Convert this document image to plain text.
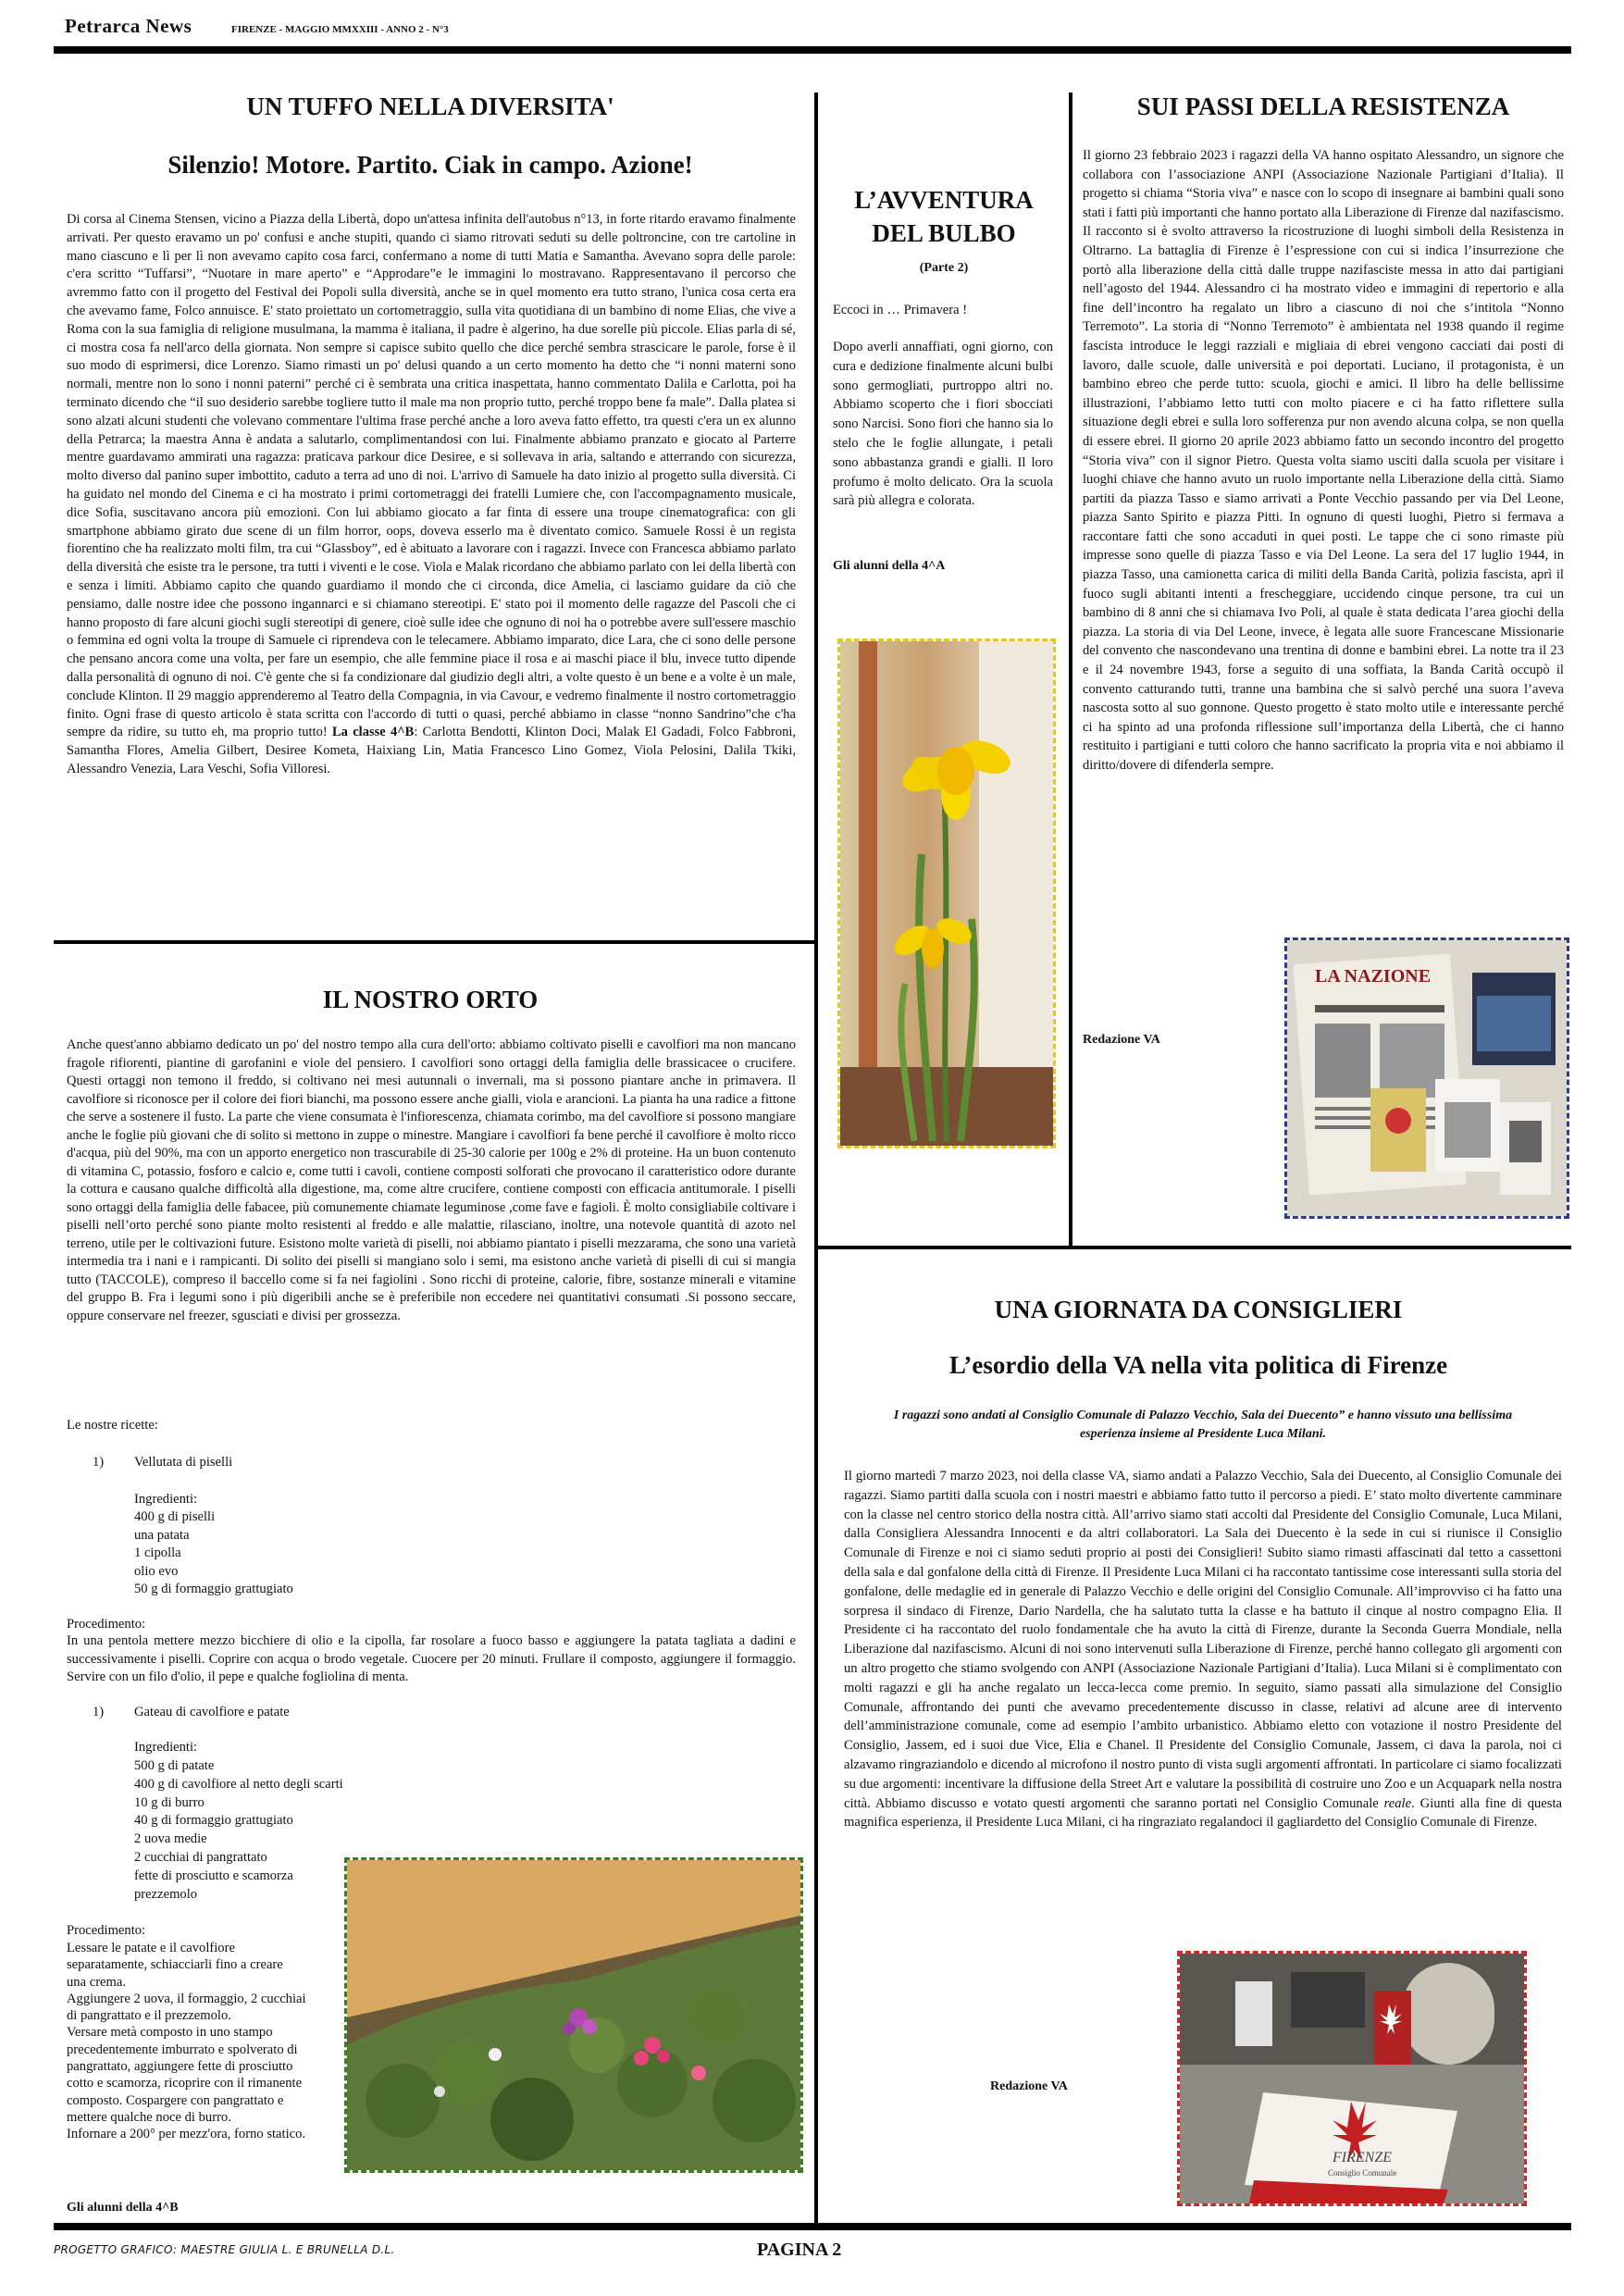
Petrarca News	FIRENZE - MAGGIO MMXXIII - ANNO 2 - N°3
UN TUFFO NELLA DIVERSITA'
Silenzio! Motore. Partito. Ciak in campo. Azione!
Di corsa al Cinema Stensen, vicino a Piazza della Libertà, dopo un'attesa infinita dell'autobus n°13, in forte ritardo eravamo finalmente arrivati. Per questo eravamo un po' confusi e anche stupiti, quando ci siamo ritrovati seduti su delle poltroncine, con tre cartoline in mano ciascuno e lì per lì non avevamo capito cosa farci, confermano a nome di tutti Matia e Samantha. Avevano sopra delle parole: c'era scritto “Tuffarsi”, “Nuotare in mare aperto” e “Approdare”e le immagini lo mostravano. Rappresentavano il percorso che avremmo fatto con il progetto del Festival dei Popoli sulla diversità, anche se in quel momento era tutto strano, l'unica cosa certa era che avevamo fame, Folco annuisce. E' stato proiettato un cortometraggio, sulla vita quotidiana di un bambino di nome Elias, che vive a Roma con la sua famiglia di religione musulmana, la mamma è italiana, il padre è algerino, ha due sorelle più piccole. Elias parla di sé, ci mostra cosa fa nell'arco della giornata. Non sempre si capisce subito quello che dice perché sembra strascicare le parole, forse è il suo modo di esprimersi, dice Lorenzo. Siamo rimasti un po' delusi quando a un certo momento ha detto che “i nonni materni sono normali, mentre non lo sono i nonni paterni” perché ci è sembrata una critica inaspettata, hanno commentato Dalila e Carlotta, poi ha terminato dicendo che “il suo desiderio sarebbe togliere tutto il male ma non proprio tutto, perché troppo bene fa male”. Dalla platea si sono alzati alcuni studenti che volevano commentare l'ultima frase perché anche a loro aveva fatto effetto, tra questi c'era un ex alunno della Petrarca; la maestra Anna è andata a salutarlo, complimentandosi con lui. Finalmente abbiamo pranzato e giocato al Parterre mentre guardavamo ammirati una ragazza: praticava parkour dice Desiree, e si sollevava in aria, saltando e atterrando con sicurezza, molto diverso dal panino super imbottito, caduto a terra ad uno di noi. L'arrivo di Samuele ha dato inizio al progetto sulla diversità. Ci ha guidato nel mondo del Cinema e ci ha mostrato i primi cortometraggi dei fratelli Lumiere che, con l'accompagnamento musicale, dice Sofia, suscitavano ancora più emozioni. Con lui abbiamo giocato a far finta di essere una troupe cinematografica: con gli smartphone abbiamo girato due scene di un film horror, oops, doveva esserlo ma è diventato comico. Samuele Rossi è un regista fiorentino che ha realizzato molti film, tra cui “Glassboy”, ed è abituato a lavorare con i ragazzi. Invece con Francesca abbiamo parlato della diversità che esiste tra le persone, tra tutti i viventi e le cose. Viola e Malak ricordano che abbiamo parlato con lei della libertà con e senza i limiti. Abbiamo capito che quando guardiamo il mondo che ci circonda, dice Amelia, ci lasciamo guidare da ciò che pensiamo, dalle nostre idee che possono ingannarci e si chiamano stereotipi. E' stato poi il momento delle ragazze del Pascoli che ci hanno proposto di fare alcuni giochi sugli stereotipi di genere, cioè sulle idee che ognuno di noi ha o potrebbe avere sull'essere maschio o femmina ed ogni volta la troupe di Samuele ci riprendeva con le telecamere. Abbiamo imparato, dice Lara, che ci sono delle persone che pensano ancora come una volta, per fare un esempio, che alle femmine piace il rosa e ai maschi piace il blu, invece tutto dipende dalla personalità di ognuno di noi. C'è gente che si fa condizionare dal giudizio degli altri, a volte questo è un bene e a volte è un male, conclude Klinton. Il 29 maggio apprenderemo al Teatro della Compagnia, in via Cavour, e vedremo finalmente il nostro cortometraggio finito. Ogni frase di questo articolo è stata scritta con l'accordo di tutti o quasi, perché abbiamo in classe “nonno Sandrino”che c'ha sempre da ridire, su tutto eh, ma proprio tutto! La classe 4^B: Carlotta Bendotti, Klinton Doci, Malak El Gadadi, Folco Fabbroni, Samantha Flores, Amelia Gilbert, Desiree Kometa, Haixiang Lin, Matia Francesco Lino Gomez, Viola Pelosini, Dalila Tkiki, Alessandro Venezia, Lara Veschi, Sofia Villoresi.
L’AVVENTURA DEL BULBO
(Parte 2)
Eccoci in … Primavera !
Dopo averli annaffiati, ogni giorno, con cura e dedizione finalmente alcuni bulbi sono germogliati, purtroppo altri no. Abbiamo scoperto che i fiori sbocciati sono Narcisi. Sono fiori che hanno sia lo stelo che le foglie allungate, i petali sono abbastanza grandi e gialli. Il loro profumo è molto delicato. Ora la scuola sarà più allegra e colorata.
Gli alunni della 4^A
SUI PASSI DELLA RESISTENZA
Il giorno 23 febbraio 2023 i ragazzi della VA hanno ospitato Alessandro, un signore che collabora con l’associazione ANPI (Associazione Nazionale Partigiani d’Italia). Il progetto si chiama “Storia viva” e nasce con lo scopo di insegnare ai bambini quali sono stati i fatti più importanti che hanno portato alla Liberazione di Firenze dal nazifascismo. Il racconto si è svolto attraverso la ricostruzione di luoghi simboli della Resistenza in Oltrarno. La battaglia di Firenze è l’espressione con cui si indica l’insurrezione che portò alla liberazione della città dalle truppe nazifasciste messa in atto dai partigiani nell’agosto del 1944. Alessandro ci ha mostrato video e immagini di repertorio e alla fine dell’incontro ha regalato un libro a ciascuno di noi che s’intitola “Nonno Terremoto”. La storia di “Nonno Terremoto” è ambientata nel 1938 quando il regime fascista introduce le leggi razziali e migliaia di ebrei vengono cacciati dai posti di lavoro, dalle scuole, dalle università e poi deportati. Luciano, il protagonista, è un bambino ebreo che perde tutto: scuola, giochi e amici. Il libro ha delle bellissime illustrazioni, l’abbiamo letto tutti con molto piacere e ci ha fatto riflettere sulla situazione degli ebrei e sulla loro sofferenza pur non avendo alcuna colpa, se non quella di essere ebrei. Il giorno 20 aprile 2023 abbiamo fatto un secondo incontro del progetto “Storia viva” con il signor Pietro. Questa volta siamo usciti dalla scuola per visitare i luoghi chiave che hanno avuto un ruolo importante nella Liberazione della città. Siamo partiti da piazza Tasso e siamo arrivati a Ponte Vecchio passando per via Del Leone, piazza Santo Spirito e piazza Pitti. In ognuno di questi luoghi, Pietro si fermava a raccontare fatti che sono accaduti in quei posti. Le tappe che ci sono rimaste più impresse sono quelle di piazza Tasso e via Del Leone. La sera del 17 luglio 1944, in piazza Tasso, una camionetta carica di militi della Banda Carità, polizia fascista, aprì il fuoco sugli abitanti intenti a frescheggiare, uccidendo cinque persone, tra cui un bambino di 8 anni che si chiamava Ivo Poli, al quale è stata dedicata l’area giochi della piazza. La storia di via Del Leone, invece, è legata alle suore Francescane Missionarie del convento che nascondevano una trentina di donne e bambini ebrei. La notte tra il 23 e il 24 novembre 1943, forse a seguito di una soffiata, la Banda Carità occupò il convento catturando tutti, tranne una bambina che si salvò perché una suora l’aveva nascosta sotto al suo gonnone. Questo progetto è stato molto utile e interessante perché ci ha spinto ad una profonda riflessione sull’importanza della Libertà, che ci hanno restituito i partigiani e tutti coloro che hanno sacrificato la propria vita e noi abbiamo il diritto/dovere di difenderla sempre.
Redazione VA
LA NAZIONE
IL NOSTRO ORTO
Anche quest'anno abbiamo dedicato un po' del nostro tempo alla cura dell'orto: abbiamo coltivato piselli e cavolfiori ma non mancano fragole rifiorenti, piantine di garofanini e viole del pensiero. I cavolfiori sono ortaggi della famiglia delle brassicacee o crucifere. Questi ortaggi non temono il freddo, si coltivano nei mesi autunnali o invernali, ma si possono piantare anche in primavera. Il cavolfiore si riconosce per il colore dei fiori bianchi, ma possono essere anche gialli, viola e arancioni. La pianta ha una radice a fittone che serve a sostenere il fusto. La parte che viene consumata è l'infiorescenza, chiamata corimbo, ma del cavolfiore si possono mangiare anche le foglie più giovani che di solito si mettono in zuppe o minestre. Mangiare i cavolfiori fa bene perché il cavolfiore è molto ricco d'acqua, più del 90%, ma con un apporto energetico non trascurabile di 25-30 calorie per 100g e 2% di proteine. Ha un buon contenuto di vitamina C, potassio, fosforo e calcio e, come tutti i cavoli, contiene composti solforati che provocano il caratteristico odore durante la cottura e causano qualche difficoltà alla digestione, ma, come altre crucifere, contiene composti con efficacia antitumorale. I piselli sono ortaggi della famiglia delle fabacee, più comunemente chiamate leguminose ,come fave e fagioli. È molto consigliabile coltivare i piselli nell’orto perché sono piante molto resistenti al freddo e alle malattie, rilasciano, inoltre, una notevole quantità di azoto nel terreno, utile per le coltivazioni future. Esistono molte varietà di piselli, noi abbiamo piantato i piselli mezzarama, che sono una varietà intermedia tra i nani e i rampicanti. Di solito dei piselli si mangiano solo i semi, ma esistono anche varietà di piselli di cui si mangia tutto (TACCOLE), compreso il baccello come si fa nei fagiolini . Sono ricchi di proteine, calorie, fibre, sostanze minerali e vitamine del gruppo B. Fra i legumi sono i più digeribili anche se è preferibile non eccedere nei quantitativi consumati .Si possono seccare, oppure conservare nel freezer, sgusciati e divisi per grossezza.
Le nostre ricette:
1) Vellutata di piselli
Ingredienti:
400 g di piselli
una patata
1 cipolla
olio evo
50 g di formaggio grattugiato
Procedimento:
In una pentola mettere mezzo bicchiere di olio e la cipolla, far rosolare a fuoco basso e aggiungere la patata tagliata a dadini e successivamente i piselli. Coprire con acqua o brodo vegetale. Cuocere per 20 minuti. Frullare il composto, aggiungere il formaggio. Servire con un filo d'olio, il pepe e qualche fogliolina di menta.
1) Gateau di cavolfiore e patate
Ingredienti:
500 g di patate
400 g di cavolfiore al netto degli scarti
10 g di burro
40 g di formaggio grattugiato
2 uova medie
2 cucchiai di pangrattato
fette di prosciutto e scamorza
prezzemolo
Procedimento:
Lessare le patate e il cavolfiore
separatamente, schiacciarli fino a creare
una crema.
Aggiungere 2 uova, il formaggio, 2 cucchiai
di pangrattato e il prezzemolo.
Versare metà composto in uno stampo
precedentemente imburrato e spolverato di
pangrattato, aggiungere fette di prosciutto
cotto e scamorza, ricoprire con il rimanente
composto. Cospargere con pangrattato e
mettere qualche noce di burro.
Infornare a 200° per mezz'ora, forno statico.
Gli alunni della 4^B
UNA GIORNATA DA CONSIGLIERI
L’esordio della VA nella vita politica di Firenze
I ragazzi sono andati al Consiglio Comunale di Palazzo Vecchio, Sala dei Duecento” e hanno vissuto una bellissima esperienza insieme al Presidente Luca Milani.
Il giorno martedì 7 marzo 2023, noi della classe VA, siamo andati a Palazzo Vecchio, Sala dei Duecento, al Consiglio Comunale dei ragazzi. Siamo partiti dalla scuola con i nostri maestri e abbiamo fatto tutto il percorso a piedi. E’ stato molto divertente camminare con la classe nel centro storico della nostra città. All’arrivo siamo stati accolti dal Presidente del Consiglio Comunale, Luca Milani, dalla Consigliera Alessandra Innocenti e da altri collaboratori. La Sala dei Duecento è la sede in cui si riunisce il Consiglio Comunale di Firenze e noi ci siamo seduti proprio ai posti dei Consiglieri! Subito siamo rimasti affascinati dal tetto a cassettoni della sala e dal gonfalone della città di Firenze. Il Presidente Luca Milani ci ha raccontato tantissime cose interessanti sulla storia del gonfalone, delle medaglie ed in generale di Palazzo Vecchio e delle origini del Consiglio Comunale. All’improvviso ci ha fatto una sorpresa il sindaco di Firenze, Dario Nardella, che ha salutato tutta la classe e ha battuto il cinque al nostro compagno Elia. Il Presidente ci ha raccontato del ruolo fondamentale che ha avuto la città di Firenze, durante la Seconda Guerra Mondiale, nella Liberazione dal nazifascismo. Alcuni di noi sono intervenuti sulla Liberazione di Firenze, perché hanno collegato gli argomenti con un altro progetto che stiamo svolgendo con ANPI (Associazione Nazionale Partigiani d’Italia). Luca Milani si è complimentato con molti ragazzi e gli ha anche regalato un lecca-lecca come premio. In seguito, siamo passati alla simulazione del Consiglio Comunale, affrontando dei punti che avevamo precedentemente discusso in classe, relativi ad alcune aree di intervento dell’amministrazione comunale, come ad esempio l’ambito urbanistico. Abbiamo eletto con votazione il nostro Presidente del Consiglio, Jassem, ed i suoi due Vice, Elia e Chanel. Il Presidente del Consiglio Comunale, Jassem, ci dava la parola, noi ci alzavamo ringraziandolo e dicendo al microfono il nostro punto di vista sugli argomenti affrontati. In particolare ci siamo focalizzati su due argomenti: incentivare la diffusione della Street Art e valutare la possibilità di costruire uno Zoo e un Acquapark nella nostra città. Abbiamo discusso e votato questi argomenti che saranno portati nel Consiglio Comunale reale. Giunti alla fine di questa magnifica esperienza, il Presidente Luca Milani, ci ha ringraziato regalandoci il gagliardetto del Consiglio Comunale di Firenze.
Redazione VA
FIRENZE
Consiglio Comunale
PROGETTO GRAFICO: MAESTRE GIULIA L. E BRUNELLA D.L.	PAGINA 2
